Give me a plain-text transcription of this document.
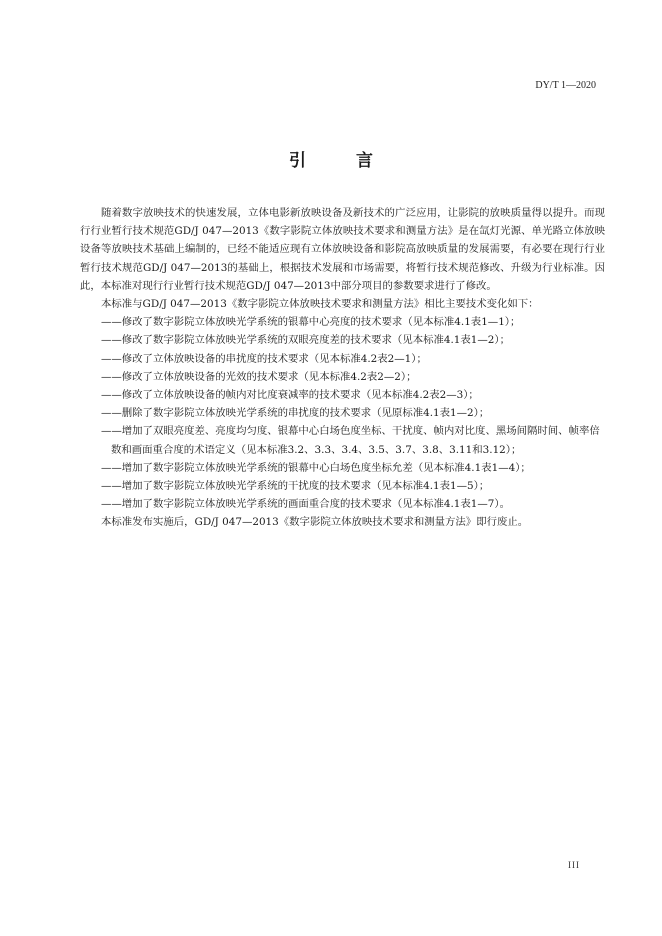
DY/T 1—2020
引 言

随着数字放映技术的快速发展，立体电影新放映设备及新技术的广泛应用，让影院的放映质量得以提升。而现行行业暂行技术规范GD/J 047—2013《数字影院立体放映技术要求和测量方法》是在氙灯光源、单光路立体放映设备等放映技术基础上编制的，已经不能适应现有立体放映设备和影院高放映质量的发展需要，有必要在现行行业暂行技术规范GD/J 047—2013的基础上，根据技术发展和市场需要，将暂行技术规范修改、升级为行业标准。因此，本标准对现行行业暂行技术规范GD/J 047—2013中部分项目的参数要求进行了修改。

本标准与GD/J 047—2013《数字影院立体放映技术要求和测量方法》相比主要技术变化如下：

——修改了数字影院立体放映光学系统的银幕中心亮度的技术要求（见本标准4.1表1—1）；
——修改了数字影院立体放映光学系统的双眼亮度差的技术要求（见本标准4.1表1—2）；
——修改了立体放映设备的串扰度的技术要求（见本标准4.2表2—1）；
——修改了立体放映设备的光效的技术要求（见本标准4.2表2—2）；
——修改了立体放映设备的帧内对比度衰减率的技术要求（见本标准4.2表2—3）；
——删除了数字影院立体放映光学系统的串扰度的技术要求（见原标准4.1表1—2）；
——增加了双眼亮度差、亮度均匀度、银幕中心白场色度坐标、干扰度、帧内对比度、黑场间隔时间、帧率倍数和画面重合度的术语定义（见本标准3.2、3.3、3.4、3.5、3.7、3.8、3.11和3.12）；
——增加了数字影院立体放映光学系统的银幕中心白场色度坐标允差（见本标准4.1表1—4）；
——增加了数字影院立体放映光学系统的干扰度的技术要求（见本标准4.1表1—5）；
——增加了数字影院立体放映光学系统的画面重合度的技术要求（见本标准4.1表1—7）。

本标准发布实施后，GD/J 047—2013《数字影院立体放映技术要求和测量方法》即行废止。

III
